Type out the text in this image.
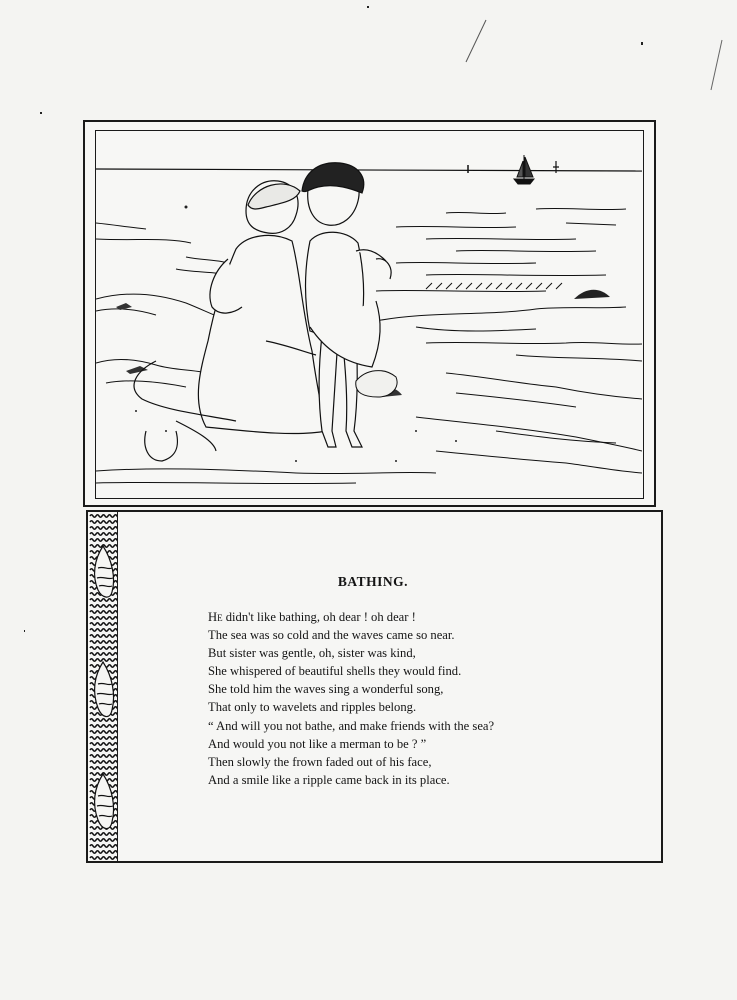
BATHING.
He didn't like bathing, oh dear ! oh dear !
The sea was so cold and the waves came so near.
But sister was gentle, oh, sister was kind,
She whispered of beautiful shells they would find.
She told him the waves sing a wonderful song,
That only to wavelets and ripples belong.
“ And will you not bathe, and make friends with the sea?
And would you not like a merman to be ? ”
Then slowly the frown faded out of his face,
And a smile like a ripple came back in its place.
